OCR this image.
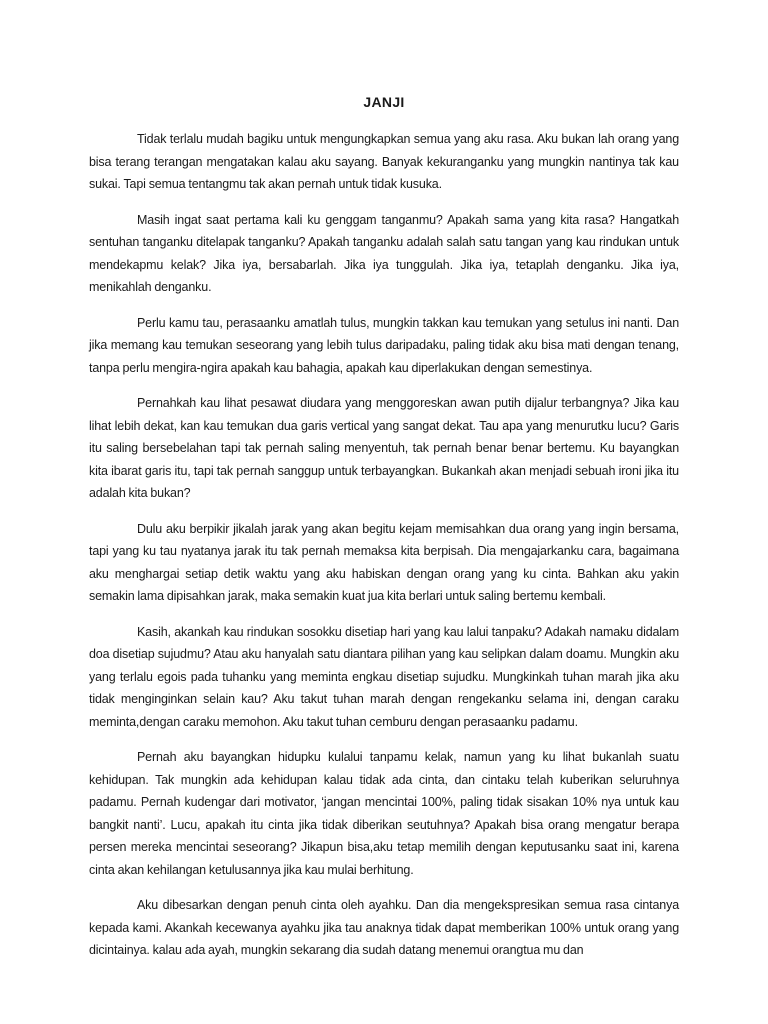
JANJI

Tidak terlalu mudah bagiku untuk mengungkapkan semua yang aku rasa. Aku bukan lah orang yang bisa terang terangan mengatakan kalau aku sayang. Banyak kekuranganku yang mungkin nantinya tak kau sukai. Tapi semua tentangmu tak akan pernah untuk tidak kusuka.

Masih ingat saat pertama kali ku genggam tanganmu? Apakah sama yang kita rasa? Hangatkah sentuhan tanganku ditelapak tanganku? Apakah tanganku adalah salah satu tangan yang kau rindukan untuk mendekapmu kelak? Jika iya, bersabarlah. Jika iya tunggulah. Jika iya, tetaplah denganku. Jika iya, menikahlah denganku.

Perlu kamu tau, perasaanku amatlah tulus, mungkin takkan kau temukan yang setulus ini nanti. Dan jika memang kau temukan seseorang yang lebih tulus daripadaku, paling tidak aku bisa mati dengan tenang, tanpa perlu mengira-ngira apakah kau bahagia, apakah kau diperlakukan dengan semestinya.

Pernahkah kau lihat pesawat diudara yang menggoreskan awan putih dijalur terbangnya? Jika kau lihat lebih dekat, kan kau temukan dua garis vertical yang sangat dekat. Tau apa yang menurutku lucu? Garis itu saling bersebelahan tapi tak pernah saling menyentuh, tak pernah benar benar bertemu. Ku bayangkan kita ibarat garis itu, tapi tak pernah sanggup untuk terbayangkan. Bukankah akan menjadi sebuah ironi jika itu adalah kita bukan?

Dulu aku berpikir jikalah jarak yang akan begitu kejam memisahkan dua orang yang ingin bersama, tapi yang ku tau nyatanya jarak itu tak pernah memaksa kita berpisah. Dia mengajarkanku cara, bagaimana aku menghargai setiap detik waktu yang aku habiskan dengan orang yang ku cinta. Bahkan aku yakin semakin lama dipisahkan jarak, maka semakin kuat jua kita berlari untuk saling bertemu kembali.

Kasih, akankah kau rindukan sosokku disetiap hari yang kau lalui tanpaku? Adakah namaku didalam doa disetiap sujudmu? Atau aku hanyalah satu diantara pilihan yang kau selipkan dalam doamu. Mungkin aku yang terlalu egois pada tuhanku yang meminta engkau disetiap sujudku. Mungkinkah tuhan marah jika aku tidak menginginkan selain kau? Aku takut tuhan marah dengan rengekanku selama ini, dengan caraku meminta,dengan caraku memohon. Aku takut tuhan cemburu dengan perasaanku padamu.

Pernah aku bayangkan hidupku kulalui tanpamu kelak, namun yang ku lihat bukanlah suatu kehidupan. Tak mungkin ada kehidupan kalau tidak ada cinta, dan cintaku telah kuberikan seluruhnya padamu. Pernah kudengar dari motivator, ‘jangan mencintai 100%, paling tidak sisakan 10% nya untuk kau bangkit nanti’. Lucu, apakah itu cinta jika tidak diberikan seutuhnya? Apakah bisa orang mengatur berapa persen mereka mencintai seseorang? Jikapun bisa,aku tetap memilih dengan keputusanku saat ini, karena cinta akan kehilangan ketulusannya jika kau mulai berhitung.

Aku dibesarkan dengan penuh cinta oleh ayahku. Dan dia mengekspresikan semua rasa cintanya kepada kami. Akankah kecewanya ayahku jika tau anaknya tidak dapat memberikan 100% untuk orang yang dicintainya. kalau ada ayah, mungkin sekarang dia sudah datang menemui orangtua mu dan
